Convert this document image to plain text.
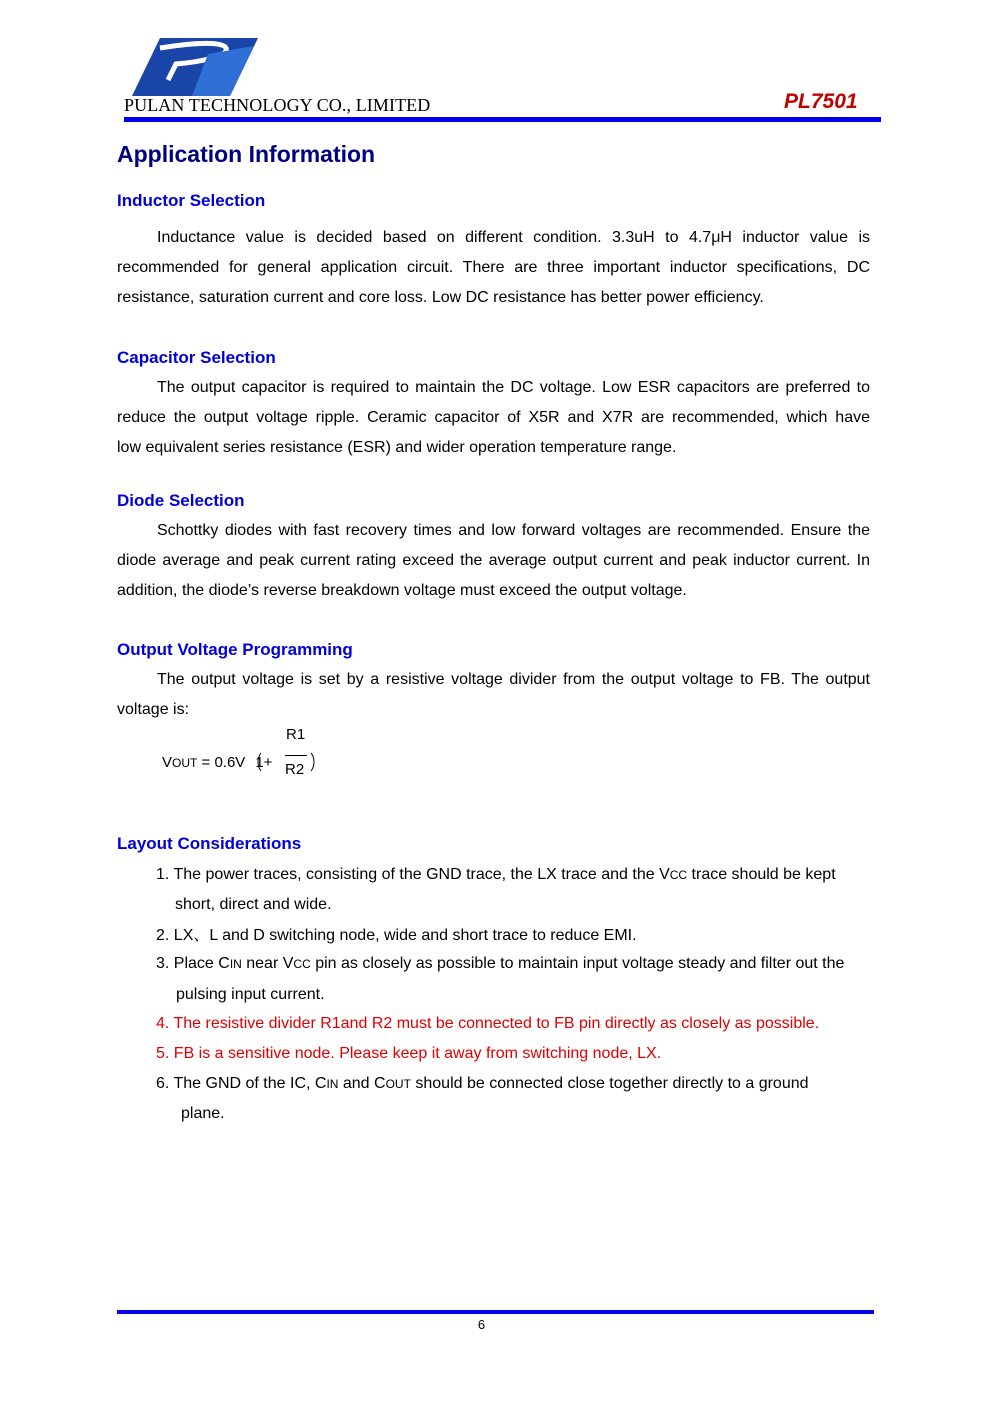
PULAN TECHNOLOGY CO., LIMITED	PL7501
Application Information
Inductor Selection
Inductance value is decided based on different condition. 3.3uH to 4.7μH inductor value is
recommended for general application circuit. There are three important inductor specifications, DC
resistance, saturation current and core loss. Low DC resistance has better power efficiency.
Capacitor Selection
The output capacitor is required to maintain the DC voltage. Low ESR capacitors are preferred to
reduce the output voltage ripple. Ceramic capacitor of X5R and X7R are recommended, which have
low equivalent series resistance (ESR) and wider operation temperature range.
Diode Selection
Schottky diodes with fast recovery times and low forward voltages are recommended. Ensure the
diode average and peak current rating exceed the average output current and peak inductor current. In
addition, the diode’s reverse breakdown voltage must exceed the output voltage.
Output Voltage Programming
The output voltage is set by a resistive voltage divider from the output voltage to FB. The output
voltage is:
R1
R2
VOUT = 0.6V 1+
Layout Considerations
1. The power traces, consisting of the GND trace, the LX trace and the VCC trace should be kept
short, direct and wide.
2. LX、L and D switching node, wide and short trace to reduce EMI.
3. Place CIN near VCC pin as closely as possible to maintain input voltage steady and filter out the
pulsing input current.
4. The resistive divider R1and R2 must be connected to FB pin directly as closely as possible.
5. FB is a sensitive node. Please keep it away from switching node, LX.
6. The GND of the IC, CIN and COUT should be connected close together directly to a ground
plane.
6
